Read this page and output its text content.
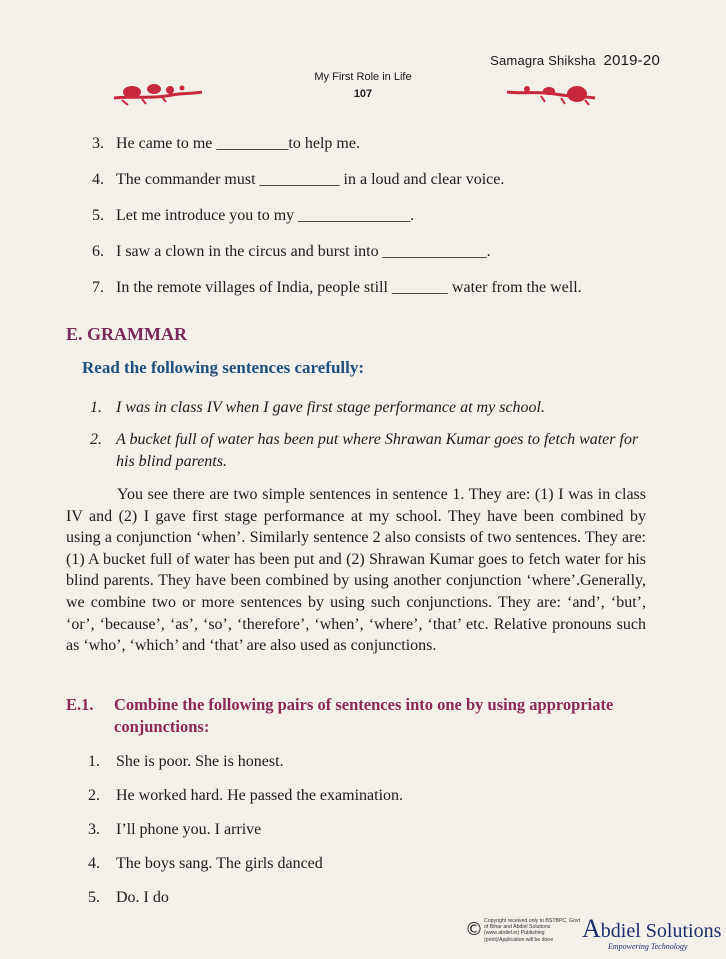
Samagra Shiksha 2019-20
My First Role in Life
107
3. He came to me _________to help me.
4. The commander must __________ in a loud and clear voice.
5. Let me introduce you to my ______________.
6. I saw a clown in the circus and burst into _____________.
7. In the remote villages of India, people still _______ water from the well.
E. GRAMMAR
Read the following sentences carefully:
1. I was in class IV when I gave first stage performance at my school.
2. A bucket full of water has been put where Shrawan Kumar goes to fetch water for his blind parents.
You see there are two simple sentences in sentence 1. They are: (1) I was in class IV and (2) I gave first stage performance at my school. They have been combined by using a conjunction ‘when’. Similarly sentence 2 also consists of two sentences. They are: (1) A bucket full of water has been put and (2) Shrawan Kumar goes to fetch water for his blind parents. They have been combined by using another conjunction ‘where’.Generally, we combine two or more sentences by using such conjunctions. They are: ‘and’, ‘but’, ‘or’, ‘because’, ‘as’, ‘so’, ‘therefore’, ‘when’, ‘where’, ‘that’ etc. Relative pronouns such as ‘who’, ‘which’ and ‘that’ are also used as conjunctions.
E.1. Combine the following pairs of sentences into one by using appropriate conjunctions:
1. She is poor. She is honest.
2. He worked hard. He passed the examination.
3. I’ll phone you. I arrive
4. The boys sang. The girls danced
5. Do. I do
© Copyright received only to BSTBPC, Govt of Bihar and Abdiel Solutions (www.abdiel.in) Publishing (print)/Application will be done	Abdiel Solutions
Empowering Technology
